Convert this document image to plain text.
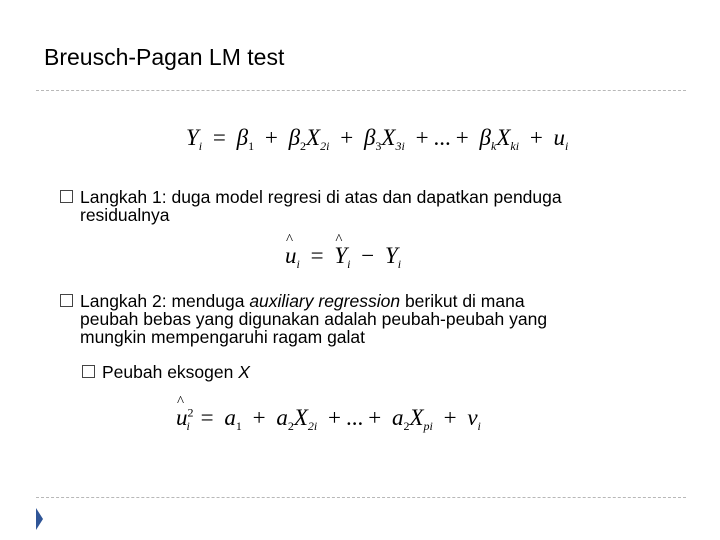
Breusch-Pagan LM test
$Y_i = \beta_1 + \beta_2X_{2i} + \beta_3X_{3i}$ + ... + $\beta_kX_{ki} + u_i$
Langkah 1: duga model regresi di atas dan dapatkan penduga
residualnya
^ $u_i$ = ^ $Y_i - Y_i$
Langkah 2: menduga auxiliary regression berikut di mana
peubah bebas yang digunakan adalah peubah-peubah yang
mungkin mempengaruhi ragam galat
Peubah eksogen X
^ $u^2_i = a_1 + a_2X_{2i}$ + ... + $a_2X_{pi} + v_i$
